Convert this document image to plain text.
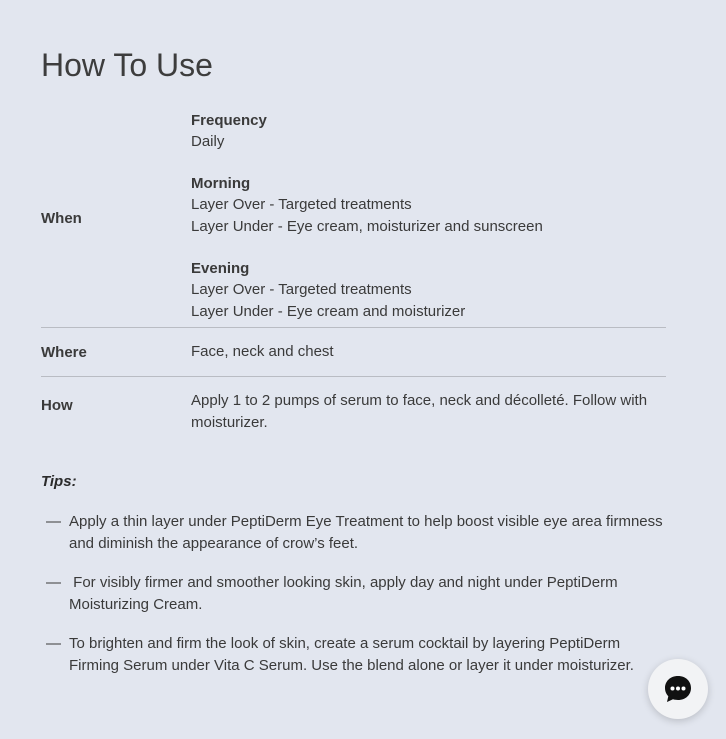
How To Use
When
Frequency
Daily
Morning
Layer Over - Targeted treatments
Layer Under - Eye cream, moisturizer and sunscreen
Evening
Layer Over - Targeted treatments
Layer Under - Eye cream and moisturizer
Where	Face, neck and chest
How	Apply 1 to 2 pumps of serum to face, neck and décolleté. Follow with moisturizer.
Tips:
— Apply a thin layer under PeptiDerm Eye Treatment to help boost visible eye area firmness and diminish the appearance of crow’s feet.
— For visibly firmer and smoother looking skin, apply day and night under PeptiDerm Moisturizing Cream.
— To brighten and firm the look of skin, create a serum cocktail by layering PeptiDerm Firming Serum under Vita C Serum. Use the blend alone or layer it under moisturizer.
